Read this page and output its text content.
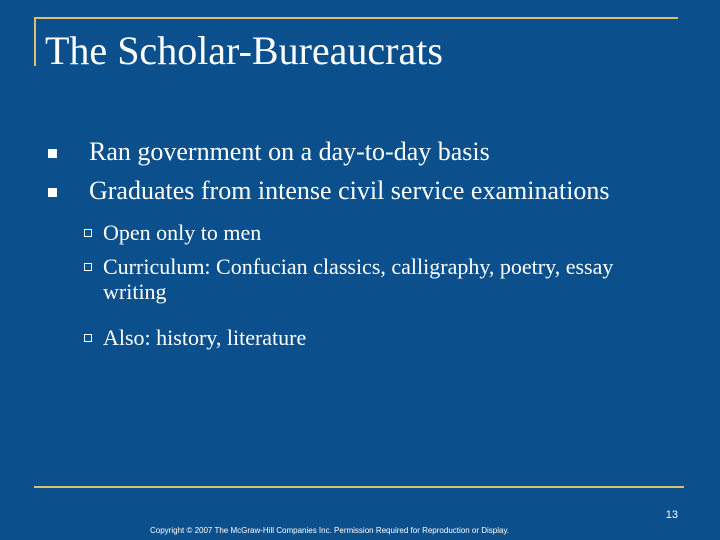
The Scholar-Bureaucrats
Ran government on a day-to-day basis
Graduates from intense civil service examinations
Open only to men
Curriculum: Confucian classics, calligraphy, poetry, essay writing
Also: history, literature
13
Copyright © 2007 The McGraw-Hill Companies Inc. Permission Required for Reproduction or Display.
